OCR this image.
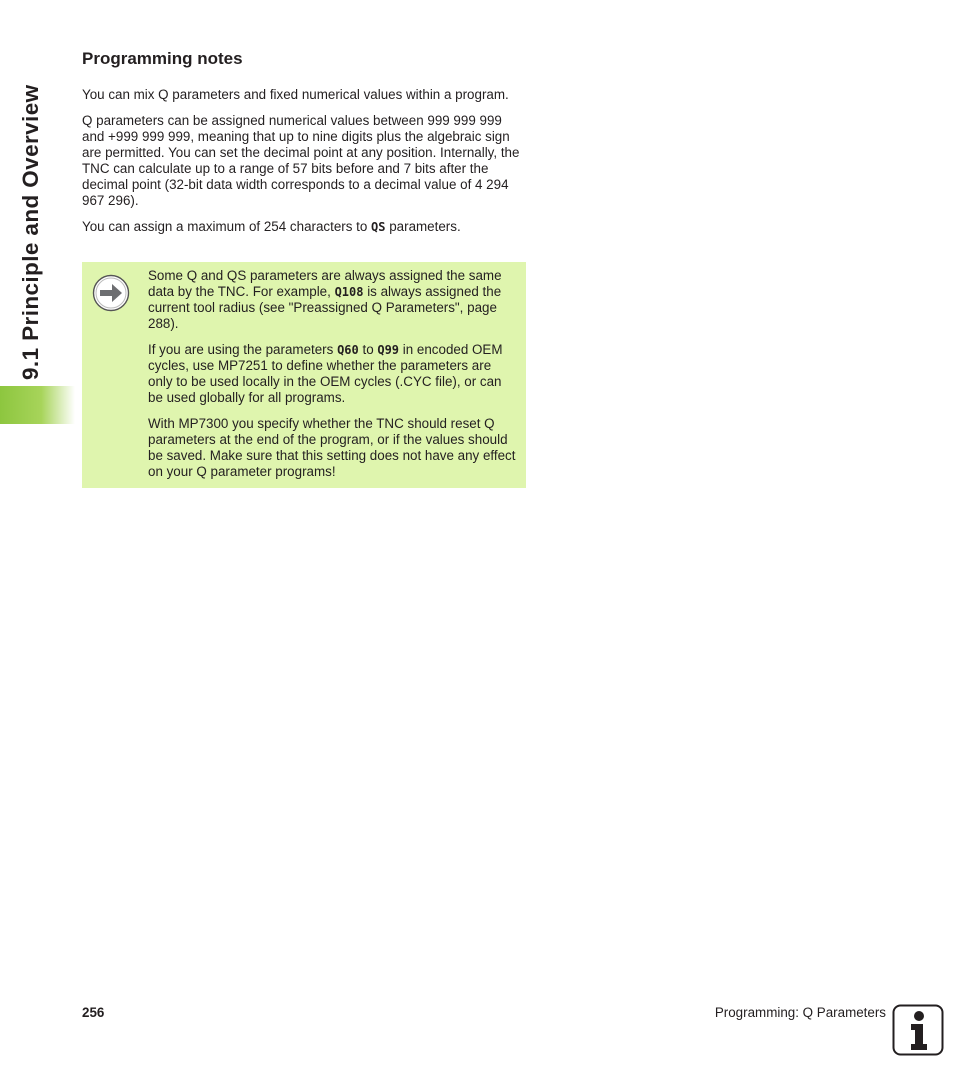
9.1 Principle and Overview
Programming notes

You can mix Q parameters and fixed numerical values within a program.

Q parameters can be assigned numerical values between 999 999 999 and +999 999 999, meaning that up to nine digits plus the algebraic sign are permitted. You can set the decimal point at any position. Internally, the TNC can calculate up to a range of 57 bits before and 7 bits after the decimal point (32-bit data width corresponds to a decimal value of 4 294 967 296).

You can assign a maximum of 254 characters to QS parameters.

Some Q and QS parameters are always assigned the same data by the TNC. For example, Q108 is always assigned the current tool radius (see "Preassigned Q Parameters", page 288).

If you are using the parameters Q60 to Q99 in encoded OEM cycles, use MP7251 to define whether the parameters are only to be used locally in the OEM cycles (.CYC file), or can be used globally for all programs.

With MP7300 you specify whether the TNC should reset Q parameters at the end of the program, or if the values should be saved. Make sure that this setting does not have any effect on your Q parameter programs!

256	Programming: Q Parameters
